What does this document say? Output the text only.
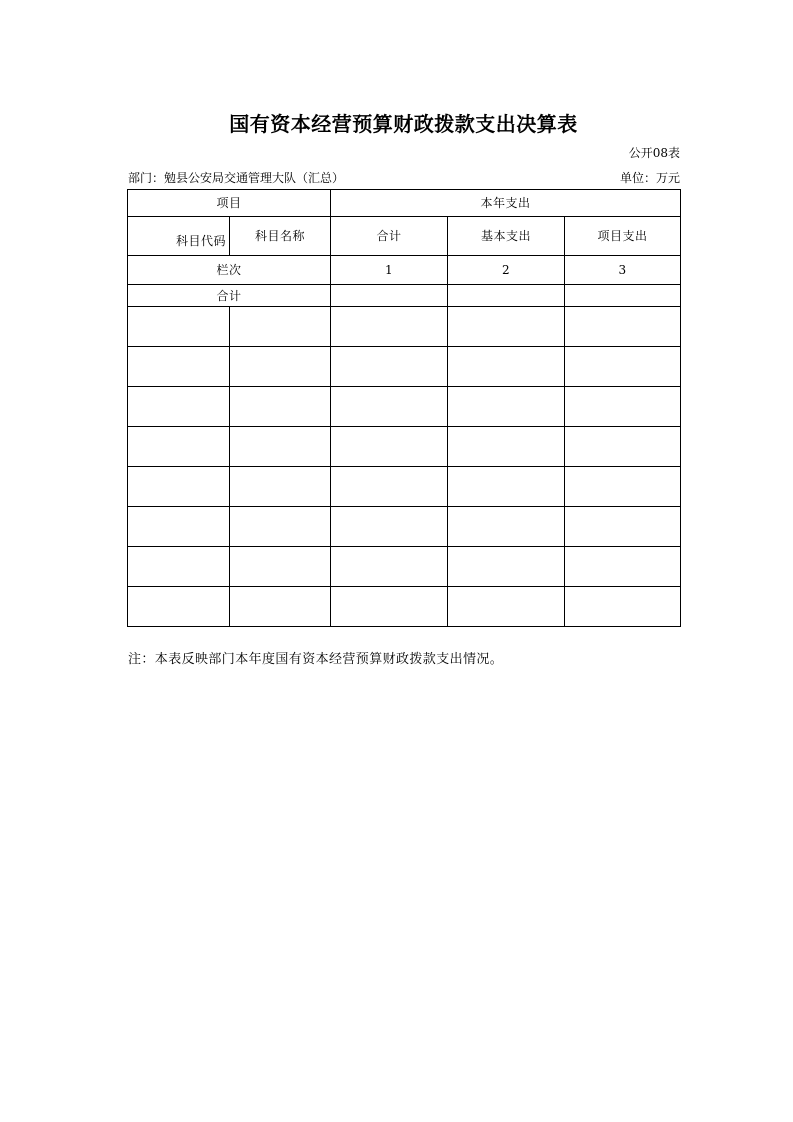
国有资本经营预算财政拨款支出决算表
公开08表
部门：勉县公安局交通管理大队（汇总）	单位：万元
项目		本年支出		
科目代码	科目名称	合计	基本支出	项目支出
栏次		1	2	3
合计				

注：本表反映部门本年度国有资本经营预算财政拨款支出情况。
